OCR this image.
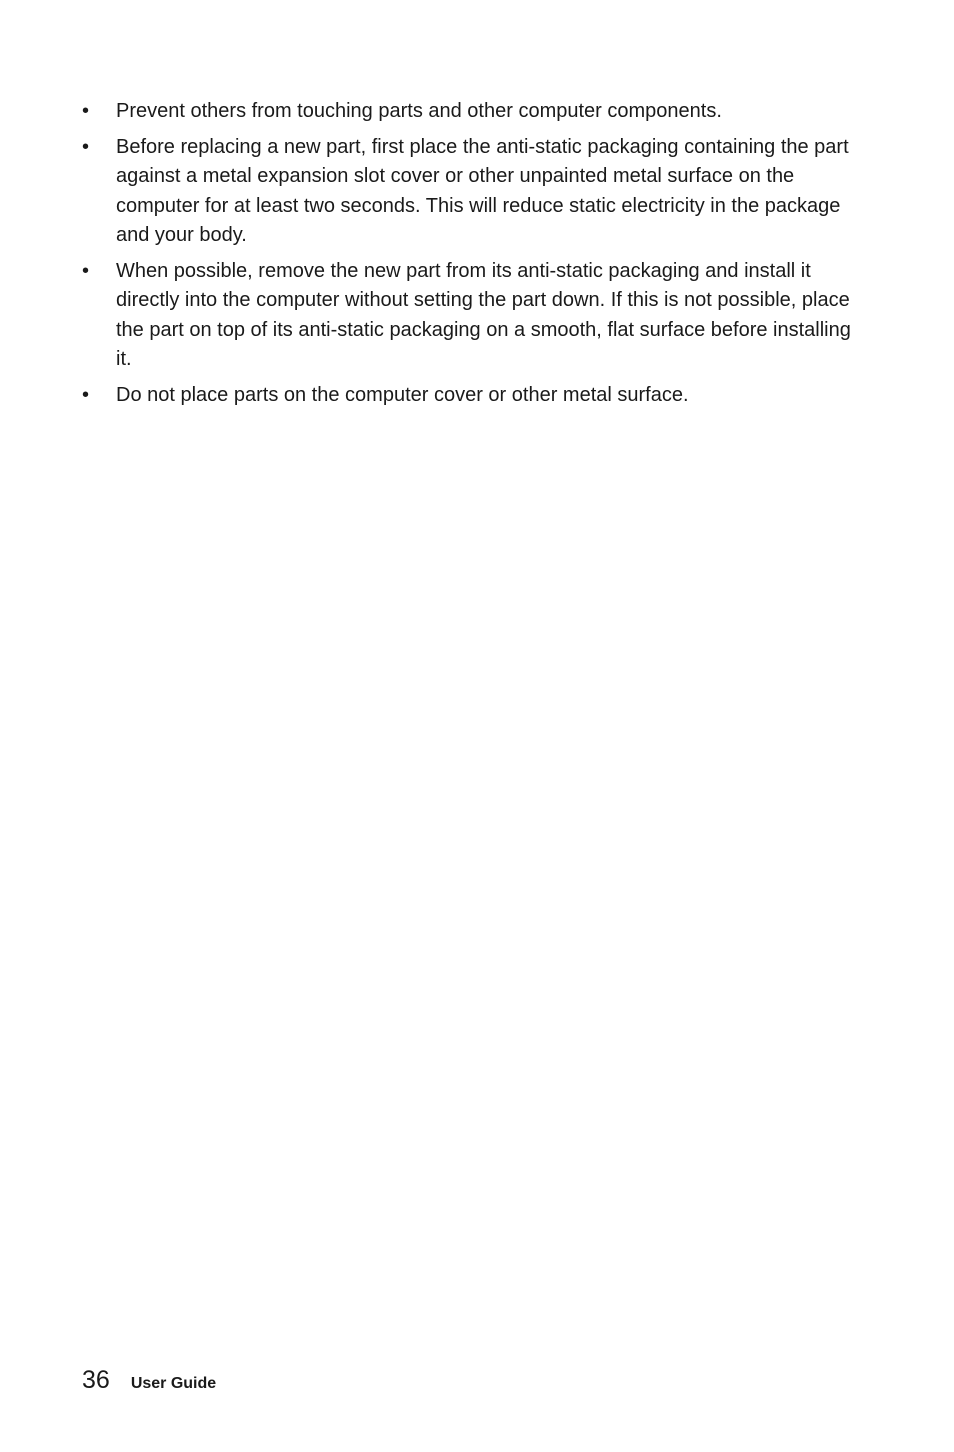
• Prevent others from touching parts and other computer components.
• Before replacing a new part, first place the anti-static packaging containing the part against a metal expansion slot cover or other unpainted metal surface on the computer for at least two seconds. This will reduce static electricity in the package and your body.
• When possible, remove the new part from its anti-static packaging and install it directly into the computer without setting the part down. If this is not possible, place the part on top of its anti-static packaging on a smooth, flat surface before installing it.
• Do not place parts on the computer cover or other metal surface.
36 User Guide
